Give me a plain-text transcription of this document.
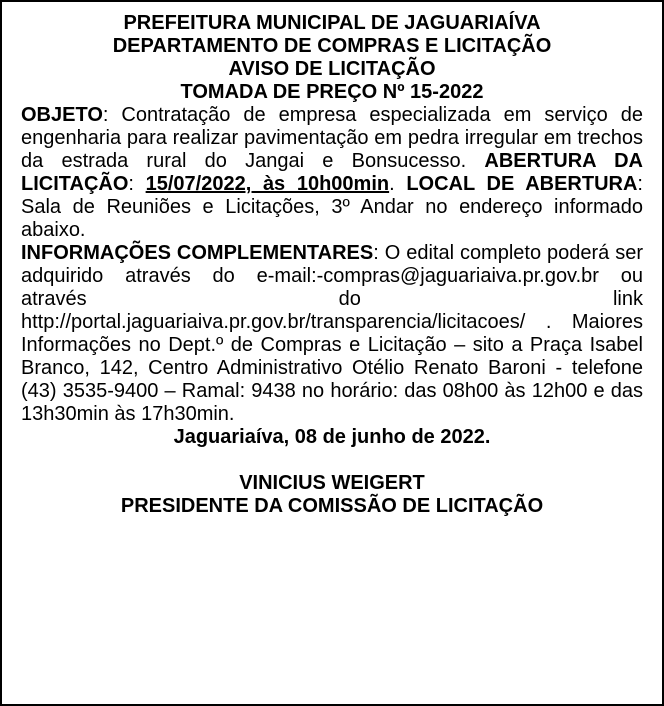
PREFEITURA MUNICIPAL DE JAGUARIAÍVA
DEPARTAMENTO DE COMPRAS E LICITAÇÃO
AVISO DE LICITAÇÃO
TOMADA DE PREÇO Nº 15-2022

OBJETO: Contratação de empresa especializada em serviço de engenharia para realizar pavimentação em pedra irregular em trechos da estrada rural do Jangai e Bonsucesso. ABERTURA DA LICITAÇÃO: 15/07/2022, às 10h00min. LOCAL DE ABERTURA: Sala de Reuniões e Licitações, 3º Andar no endereço informado abaixo.

INFORMAÇÕES COMPLEMENTARES: O edital completo poderá ser adquirido através do e-mail:-compras@jaguariaiva.pr.gov.br ou através do link http://portal.jaguariaiva.pr.gov.br/transparencia/licitacoes/ . Maiores Informações no Dept.º de Compras e Licitação – sito a Praça Isabel Branco, 142, Centro Administrativo Otélio Renato Baroni - telefone (43) 3535-9400 – Ramal: 9438 no horário: das 08h00 às 12h00 e das 13h30min às 17h30min.

Jaguariaíva, 08 de junho de 2022.

VINICIUS WEIGERT
PRESIDENTE DA COMISSÃO DE LICITAÇÃO
